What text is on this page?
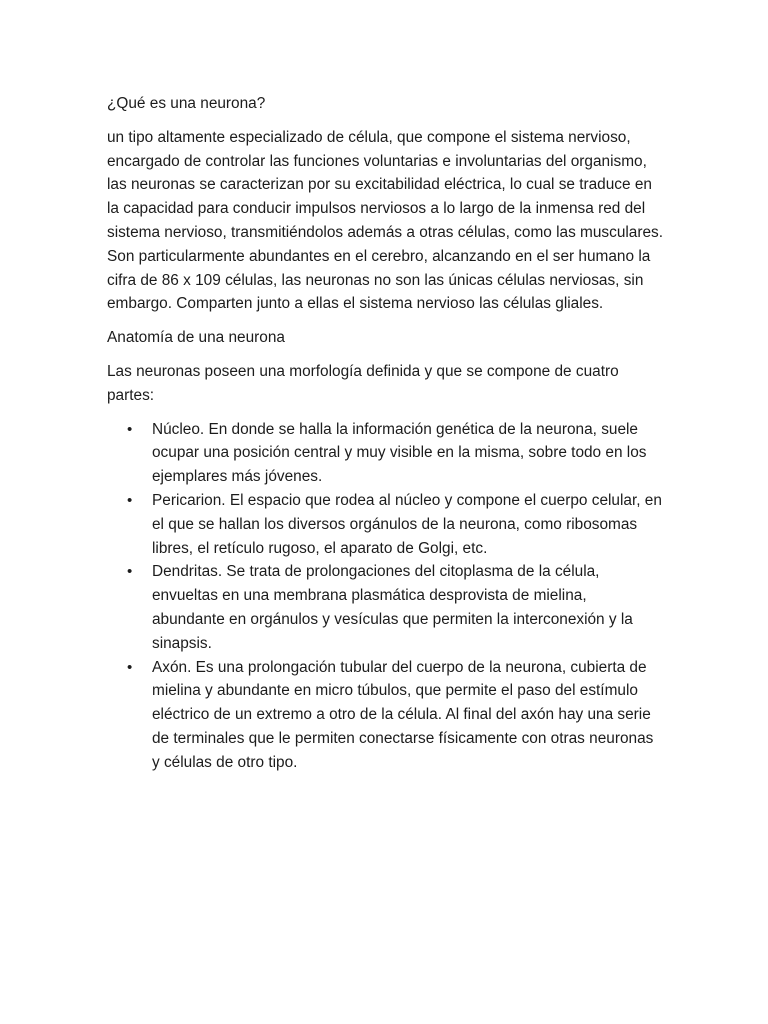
¿Qué es una neurona?

un tipo altamente especializado de célula, que compone el sistema nervioso, encargado de controlar las funciones voluntarias e involuntarias del organismo, las neuronas se caracterizan por su excitabilidad eléctrica, lo cual se traduce en la capacidad para conducir impulsos nerviosos a lo largo de la inmensa red del sistema nervioso, transmitiéndolos además a otras células, como las musculares. Son particularmente abundantes en el cerebro, alcanzando en el ser humano la cifra de 86 x 109 células, las neuronas no son las únicas células nerviosas, sin embargo. Comparten junto a ellas el sistema nervioso las células gliales.

Anatomía de una neurona

Las neuronas poseen una morfología definida y que se compone de cuatro partes:

• Núcleo. En donde se halla la información genética de la neurona, suele ocupar una posición central y muy visible en la misma, sobre todo en los ejemplares más jóvenes.
• Pericarion. El espacio que rodea al núcleo y compone el cuerpo celular, en el que se hallan los diversos orgánulos de la neurona, como ribosomas libres, el retículo rugoso, el aparato de Golgi, etc.
• Dendritas. Se trata de prolongaciones del citoplasma de la célula, envueltas en una membrana plasmática desprovista de mielina, abundante en orgánulos y vesículas que permiten la interconexión y la sinapsis.
• Axón. Es una prolongación tubular del cuerpo de la neurona, cubierta de mielina y abundante en micro túbulos, que permite el paso del estímulo eléctrico de un extremo a otro de la célula. Al final del axón hay una serie de terminales que le permiten conectarse físicamente con otras neuronas y células de otro tipo.
